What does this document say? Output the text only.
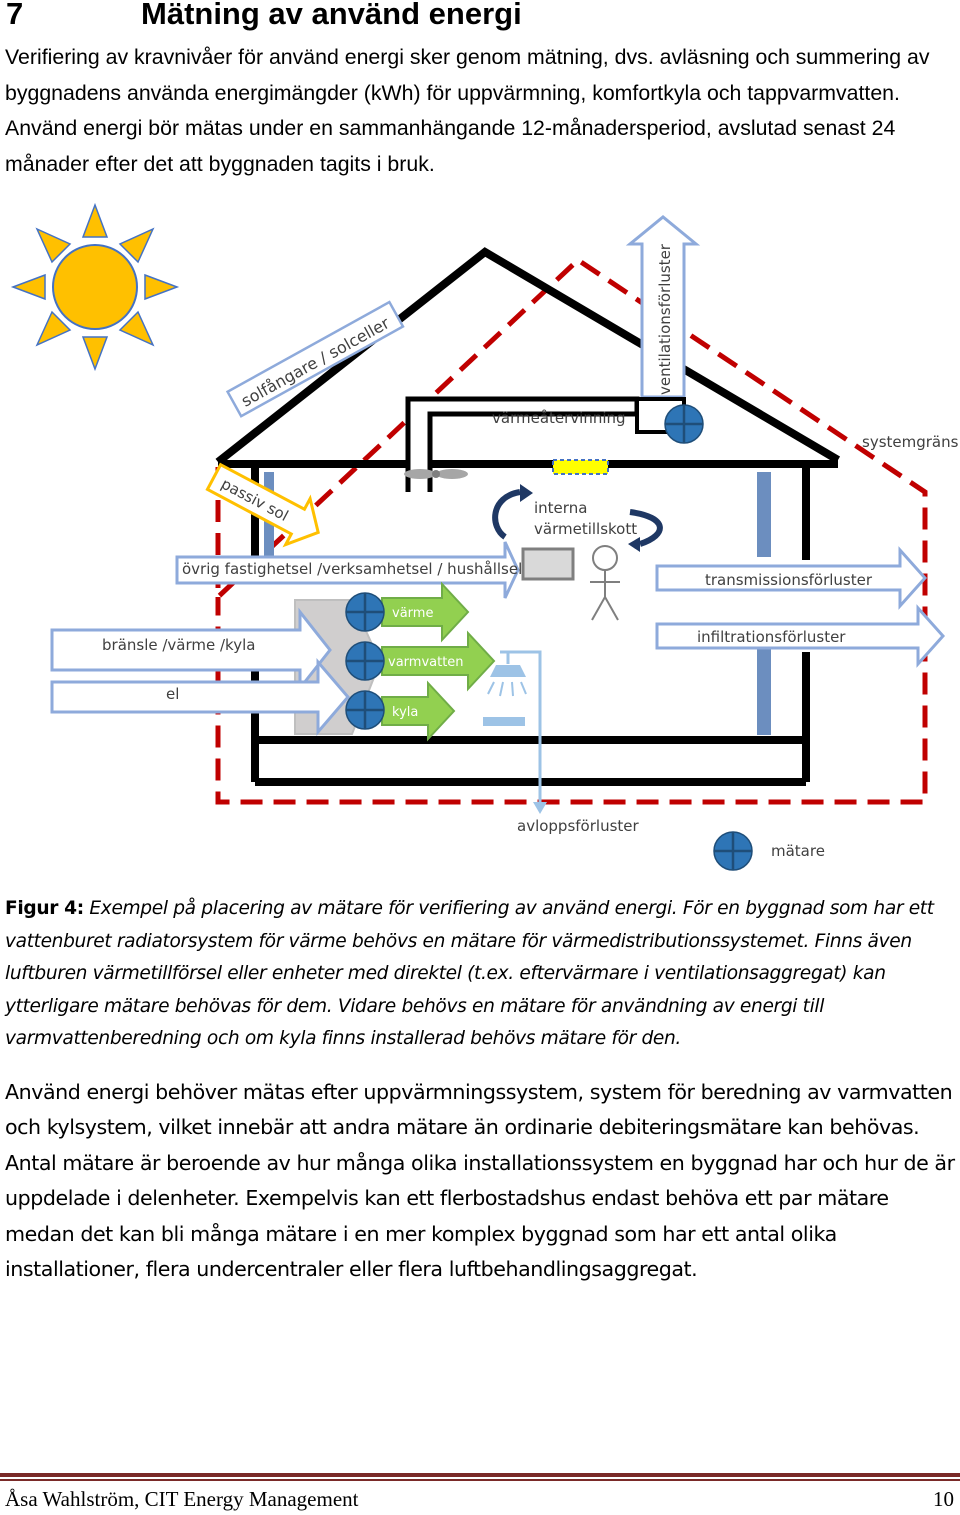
7	Mätning av använd energi

Verifiering av kravnivåer för använd energi sker genom mätning, dvs. avläsning och summering av byggnadens använda energimängder (kWh) för uppvärmning, komfortkyla och tappvarmvatten. Använd energi bör mätas under en sammanhängande 12-månadersperiod, avslutad senast 24 månader efter det att byggnaden tagits i bruk.

värmeåtervinning
ventilationsförluster
systemgräns
solfångare / solceller
passiv sol	interna
värmetillskott
övrig fastighetsel /verksamhetsel / hushållsel
transmissionsförluster
infiltrationsförluster
bränsle /värme /kyla
el
värme
varmvatten
kyla
avloppsförluster
mätare

Figur 4: Exempel på placering av mätare för verifiering av använd energi. För en byggnad som har ett vattenburet radiatorsystem för värme behövs en mätare för värmedistributionssystemet. Finns även luftburen värmetillförsel eller enheter med direktel (t.ex. eftervärmare i ventilationsaggregat) kan ytterligare mätare behövas för dem. Vidare behövs en mätare för användning av energi till varmvattenberedning och om kyla finns installerad behövs mätare för den.

Använd energi behöver mätas efter uppvärmningssystem, system för beredning av varmvatten och kylsystem, vilket innebär att andra mätare än ordinarie debiteringsmätare kan behövas. Antal mätare är beroende av hur många olika installationssystem en byggnad har och hur de är uppdelade i delenheter. Exempelvis kan ett flerbostadshus endast behöva ett par mätare medan det kan bli många mätare i en mer komplex byggnad som har ett antal olika installationer, flera undercentraler eller flera luftbehandlingsaggregat.

Åsa Wahlström, CIT Energy Management	10
